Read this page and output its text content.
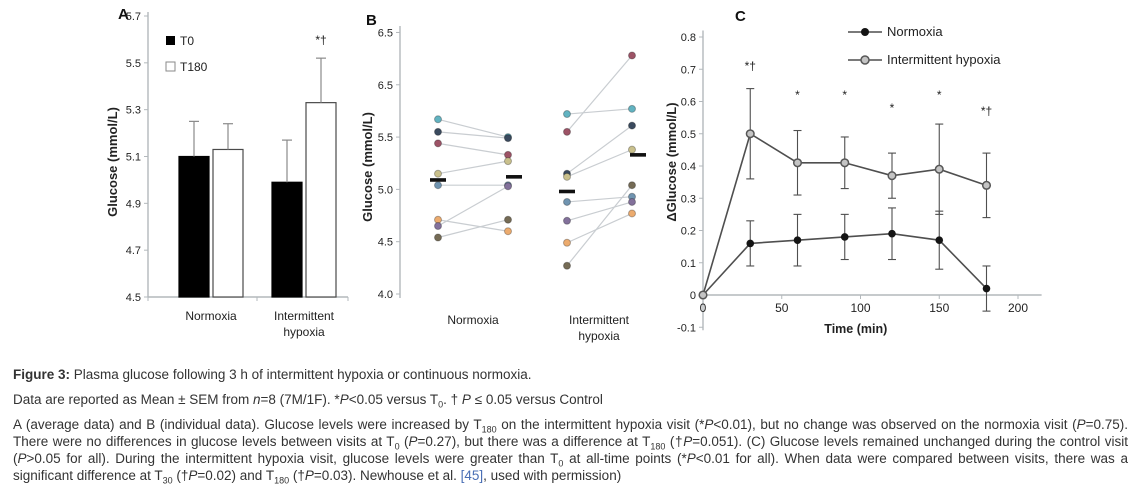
A	B	C
4.5
4.7
4.9
5.1
5.3
5.5
5.7
T0
T180
*†
Normoxia	Intermittent
hypoxia
Glucose (mmol/L)
6.5
6.5
5.5
5.0
4.5
4.0
Normoxia	Intermittent
hypoxia
Glucose (mmol/L)
-0.1
0
0.1
0.2
0.3
0.4
0.5
0.6
0.7
0.8
0	50	100	150	200
Normoxia
Intermittent hypoxia
*†
*	*
*
*
*†
Time (min)
ΔGlucose (mmol/L)

Figure 3: Plasma glucose following 3 h of intermittent hypoxia or continuous normoxia.

Data are reported as Mean ± SEM from n=8 (7M/1F). *P<0.05 versus $T_0$. † P ≤ 0.05 versus Control

A (average data) and B (individual data). Glucose levels were increased by $T_{180}$ on the intermittent hypoxia visit (*P<0.01), but no change was observed on the normoxia visit (P=0.75). There were no differences in glucose levels between visits at $T_0$ (P=0.27), but there was a difference at $T_{180}$ (†P=0.051). (C) Glucose levels remained unchanged during the control visit (P>0.05 for all). During the intermittent hypoxia visit, glucose levels were greater than $T_0$ at all-time points (*P<0.01 for all). When data were compared between visits, there was a significant difference at $T_{30}$ (†P=0.02) and $T_{180}$ (†P=0.03). Newhouse et al. [45], used with permission)
